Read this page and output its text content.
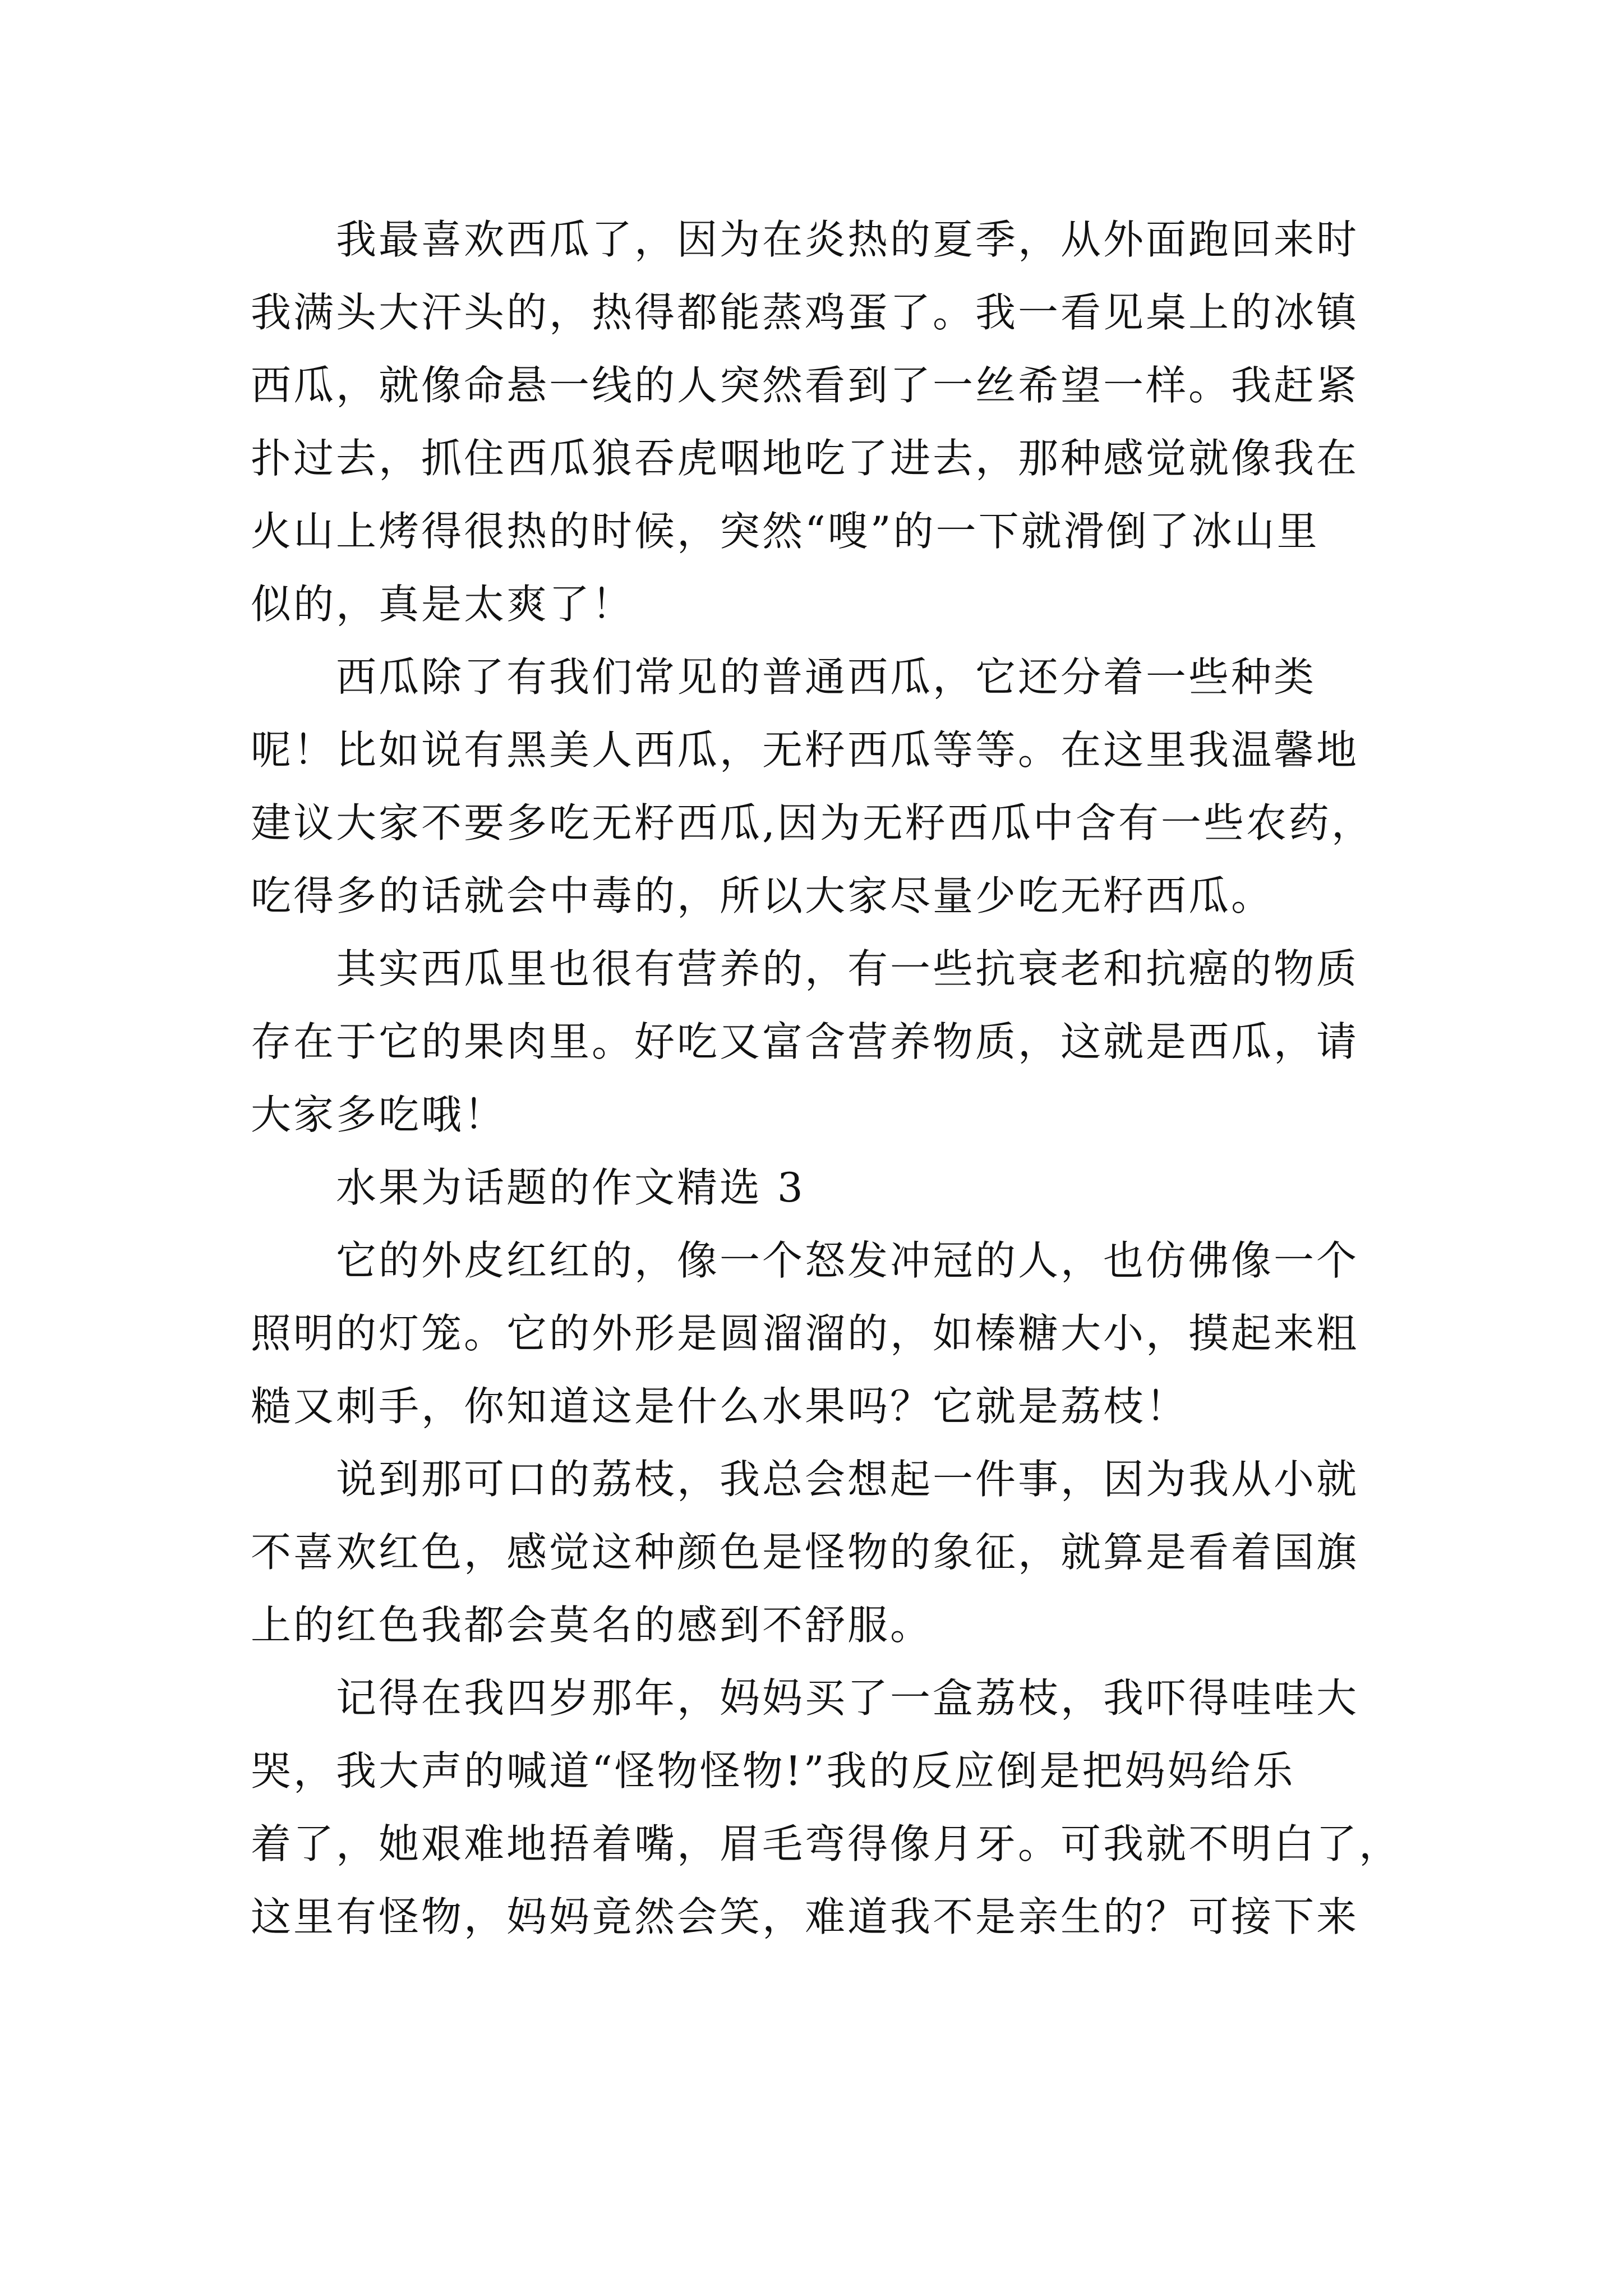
我最喜欢西瓜了，因为在炎热的夏季，从外面跑回来时
我满头大汗头的，热得都能蒸鸡蛋了。我一看见桌上的冰镇
西瓜，就像命悬一线的人突然看到了一丝希望一样。我赶紧
扑过去，抓住西瓜狼吞虎咽地吃了进去，那种感觉就像我在
火山上烤得很热的时候，突然“嗖”的一下就滑倒了冰山里
似的，真是太爽了！

西瓜除了有我们常见的普通西瓜，它还分着一些种类
呢！比如说有黑美人西瓜，无籽西瓜等等。在这里我温馨地
建议大家不要多吃无籽西瓜,因为无籽西瓜中含有一些农药，
吃得多的话就会中毒的，所以大家尽量少吃无籽西瓜。

其实西瓜里也很有营养的，有一些抗衰老和抗癌的物质
存在于它的果肉里。好吃又富含营养物质，这就是西瓜，请
大家多吃哦！

水果为话题的作文精选 3

它的外皮红红的，像一个怒发冲冠的人，也仿佛像一个
照明的灯笼。它的外形是圆溜溜的，如榛糖大小，摸起来粗
糙又刺手，你知道这是什么水果吗？它就是荔枝！

说到那可口的荔枝，我总会想起一件事，因为我从小就
不喜欢红色，感觉这种颜色是怪物的象征，就算是看着国旗
上的红色我都会莫名的感到不舒服。

记得在我四岁那年，妈妈买了一盒荔枝，我吓得哇哇大
哭，我大声的喊道“怪物怪物!”我的反应倒是把妈妈给乐
着了，她艰难地捂着嘴，眉毛弯得像月牙。可我就不明白了，
这里有怪物，妈妈竟然会笑，难道我不是亲生的？可接下来
